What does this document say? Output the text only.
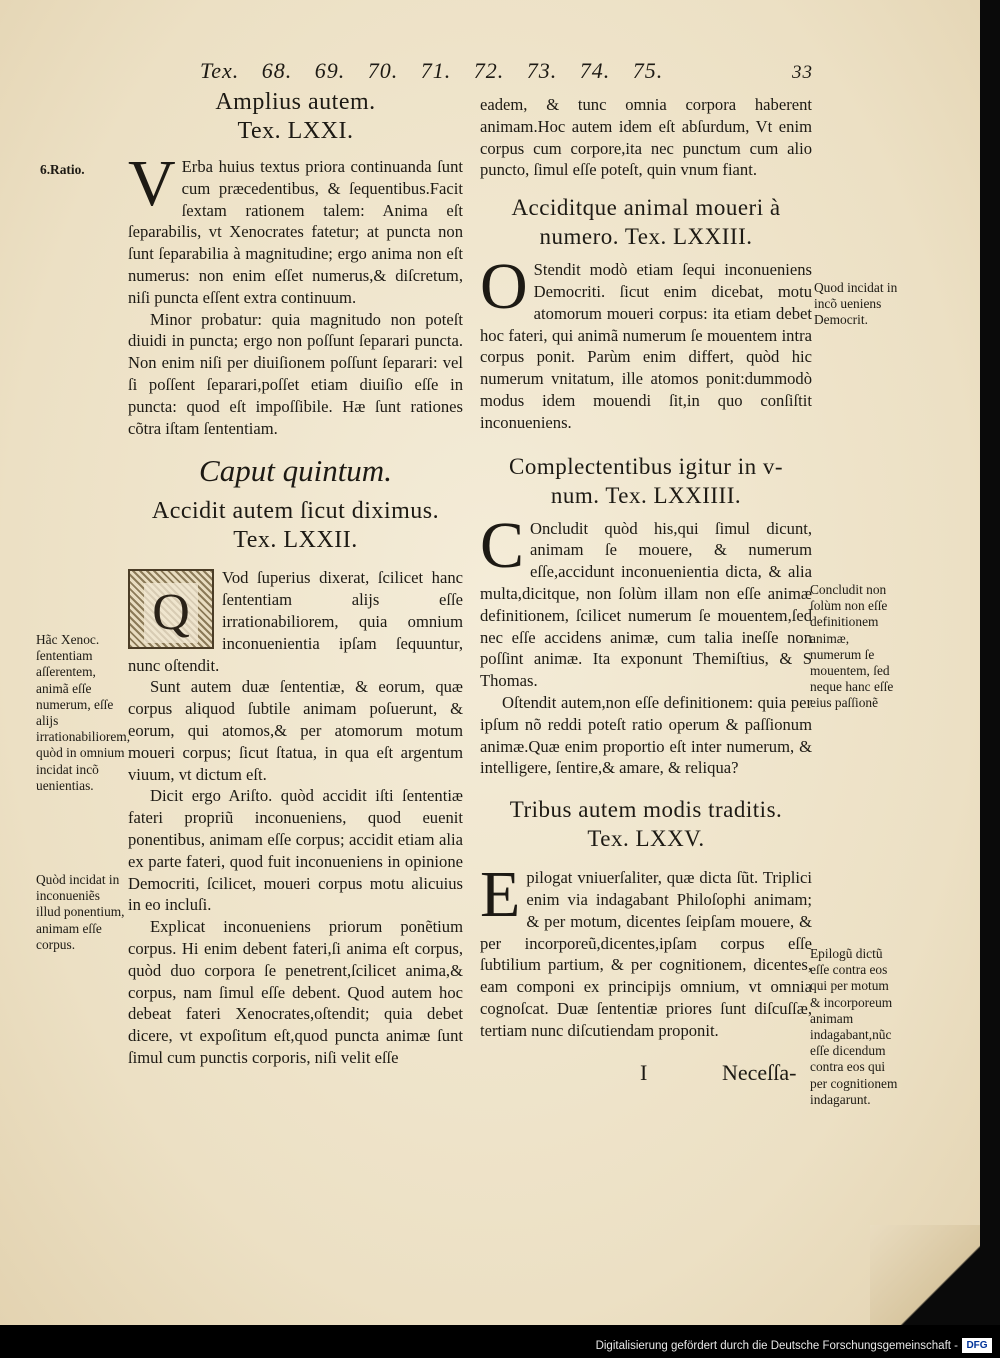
Tex. 68. 69. 70. 71. 72. 73. 74. 75.	33
Amplius autem.
Tex. LXXI.

V Erba huius textus priora continuanda ſunt cum præcedentibus, & ſequentibus.Facit ſextam rationem talem: Anima eſt ſeparabilis, vt Xenocrates fatetur; at puncta non ſunt ſeparabilia à magnitudine; ergo anima non eſt numerus: non enim eſſet numerus,& diſcretum, niſi puncta eſſent extra continuum.

Minor probatur: quia magnitudo non poteſt diuidi in puncta; ergo non poſſunt ſeparari puncta. Non enim niſi per diuiſionem poſſunt ſeparari: vel ſi poſſent ſeparari,poſſet etiam diuiſio eſſe in puncta: quod eſt impoſſibile. Hæ ſunt rationes cõtra iſtam ſententiam.

Caput quintum.
Accidit autem ſicut diximus.
Tex. LXXII.

Q
Vod ſuperius dixerat, ſcilicet hanc ſententiam alijs eſſe irrationabiliorem, quia omnium inconuenientia ipſam ſequuntur, nunc oſtendit.

Sunt autem duæ ſententiæ, & eorum, quæ corpus aliquod ſubtile animam poſuerunt, & eorum, qui atomos,& per atomorum motum moueri corpus; ſicut ſtatua, in qua eſt argentum viuum, vt dictum eſt.

Dicit ergo Ariſto. quòd accidit iſti ſententiæ fateri propriũ inconueniens, quod euenit ponentibus, animam eſſe corpus; accidit etiam alia ex parte fateri, quod fuit inconueniens in opinione Democriti, ſcilicet, moueri corpus motu alicuius in eo incluſi.

Explicat inconueniens priorum ponẽtium corpus. Hi enim debent fateri,ſi anima eſt corpus, quòd duo corpora ſe penetrent,ſcilicet anima,& corpus, nam ſimul eſſe debent. Quod autem hoc debeat fateri Xenocrates,oſtendit; quia debet dicere, vt expoſitum eſt,quod puncta animæ ſunt ſimul cum punctis corporis, niſi velit eſſe

6.Ratio.
Hãc Xenoc. ſententiam aſſerentem, animã eſſe numerum, eſſe alijs irrationabiliorem, quòd in omnium incidat incõ uenientias.
Quòd incidat in inconueniẽs illud ponentium, animam eſſe corpus.

eadem, & tunc omnia corpora haberent animam.Hoc autem idem eſt abſurdum, Vt enim corpus cum corpore,ita nec punctum cum alio puncto, ſimul eſſe poteſt, quin vnum fiant.

Acciditque animal moueri à
numero. Tex. LXXIII.

O Stendit modò etiam ſequi inconueniens Democriti. ſicut enim dicebat, motu atomorum moueri corpus: ita etiam debet hoc fateri, qui animã numerum ſe mouentem intra corpus ponit. Parùm enim differt, quòd hic numerum vnitatum, ille atomos ponit:dummodò modus idem mouendi ſit,in quo conſiſtit inconueniens.

Complectentibus igitur in v-
num. Tex. LXXIIII.

C Oncludit quòd his,qui ſimul dicunt, animam ſe mouere, & numerum eſſe,accidunt inconuenientia dicta, & alia multa,dicitque, non ſolùm illam non eſſe animæ definitionem, ſcilicet numerum ſe mouentem,ſed nec eſſe accidens animæ, cum talia ineſſe non poſſint animæ. Ita exponunt Themiſtius, & S Thomas.

Oſtendit autem,non eſſe definitionem: quia per ipſum nõ reddi poteſt ratio operum & paſſionum animæ.Quæ enim proportio eſt inter numerum, & intelligere, ſentire,& amare, & reliqua?

Tribus autem modis traditis.
Tex. LXXV.

Epilogat vniuerſaliter, quæ dicta ſũt. Triplici enim via indagabant Philoſophi animam; & per motum, dicentes ſeipſam mouere, & per incorporeũ,dicentes,ipſam corpus eſſe ſubtilium partium, & per cognitionem, dicentes, eam componi ex principijs omnium, vt omnia cognoſcat. Duæ ſententiæ priores ſunt diſcuſſæ, tertiam nunc diſcutiendam proponit.

I	Neceſſa-
Quod incidat in incõ ueniens Democrit.
Concludit non ſolùm non eſſe definitionem animæ, numerum ſe mouentem, ſed neque hanc eſſe eius paſſionẽ
Epilogũ dictũ eſſe contra eos qui per motum & incorporeum animam indagabant,nũc eſſe dicendum contra eos qui per cognitionem indagarunt.
Digitalisierung gefördert durch die Deutsche Forschungsgemeinschaft - DFG
